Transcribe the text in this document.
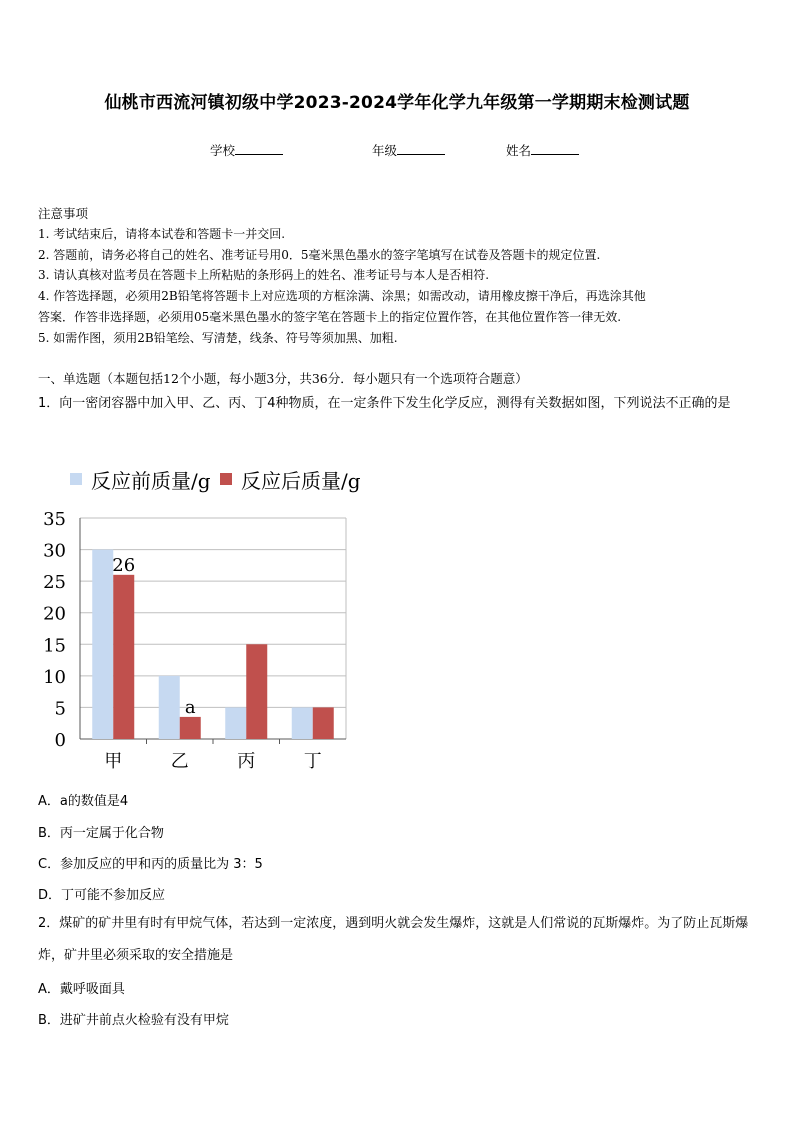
仙桃市西流河镇初级中学2023-2024学年化学九年级第一学期期末检测试题
学校	年级	姓名
注意事项
1. 考试结束后，请将本试卷和答题卡一并交回.
2. 答题前，请务必将自己的姓名、准考证号用0．5毫米黑色墨水的签字笔填写在试卷及答题卡的规定位置.
3. 请认真核对监考员在答题卡上所粘贴的条形码上的姓名、准考证号与本人是否相符.
4. 作答选择题，必须用2B铅笔将答题卡上对应选项的方框涂满、涂黑；如需改动，请用橡皮擦干净后，再选涂其他
答案．作答非选择题，必须用05毫米黑色墨水的签字笔在答题卡上的指定位置作答，在其他位置作答一律无效.
5. 如需作图，须用2B铅笔绘、写清楚，线条、符号等须加黑、加粗.
一、单选题（本题包括12个小题，每小题3分，共36分．每小题只有一个选项符合题意）
1．向一密闭容器中加入甲、乙、丙、丁4种物质，在一定条件下发生化学反应，测得有关数据如图，下列说法不正确的是
反应前质量/g 反应后质量/g
0
5
10
15
20
25
30
35
甲	乙	丙	丁
26
a
A．a的数值是4
B．丙一定属于化合物
C．参加反应的甲和丙的质量比为 3：5
D．丁可能不参加反应
2．煤矿的矿井里有时有甲烷气体，若达到一定浓度，遇到明火就会发生爆炸，这就是人们常说的瓦斯爆炸。为了防止瓦斯爆炸，矿井里必须采取的安全措施是
A．戴呼吸面具
B．进矿井前点火检验有没有甲烷
